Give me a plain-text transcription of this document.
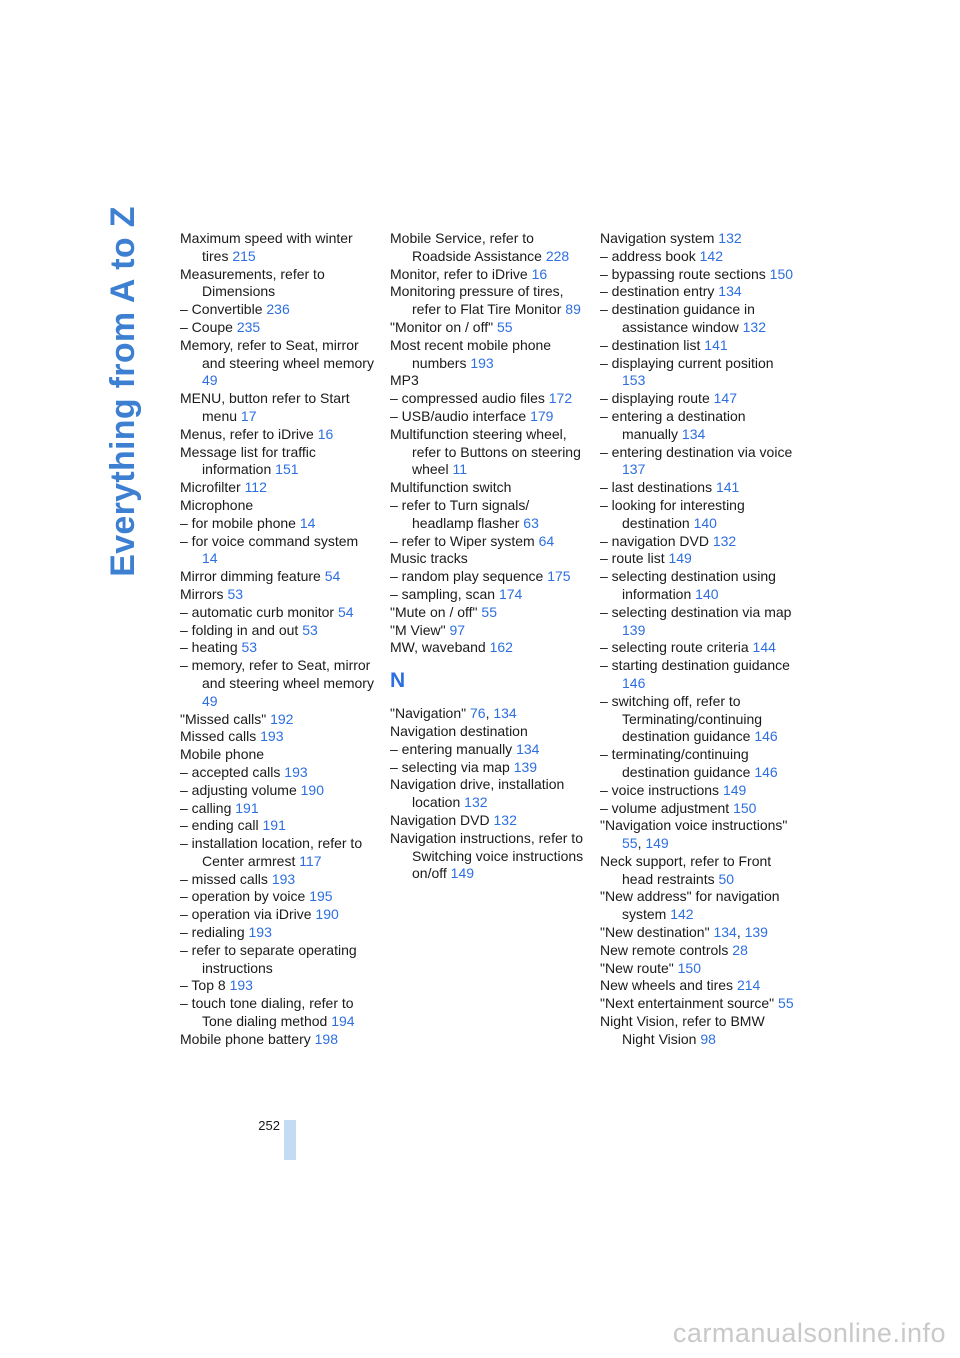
Everything from A to Z	Maximum speed with winter tires 215
Measurements, refer to Dimensions
– Convertible 236
– Coupe 235
Memory, refer to Seat, mirror and steering wheel memory 49
MENU, button refer to Start menu 17
Menus, refer to iDrive 16
Message list for traffic information 151
Microfilter 112
Microphone
– for mobile phone 14
– for voice command system 14
Mirror dimming feature 54
Mirrors 53
– automatic curb monitor 54
– folding in and out 53
– heating 53
– memory, refer to Seat, mirror and steering wheel memory 49
"Missed calls" 192
Missed calls 193
Mobile phone
– accepted calls 193
– adjusting volume 190
– calling 191
– ending call 191
– installation location, refer to Center armrest 117
– missed calls 193
– operation by voice 195
– operation via iDrive 190
– redialing 193
– refer to separate operating instructions
– Top 8 193
– touch tone dialing, refer to Tone dialing method 194
Mobile phone battery 198
Mobile Service, refer to Roadside Assistance 228
Monitor, refer to iDrive 16
Monitoring pressure of tires, refer to Flat Tire Monitor 89
"Monitor on / off" 55
Most recent mobile phone numbers 193
MP3
– compressed audio files 172
– USB/audio interface 179
Multifunction steering wheel, refer to Buttons on steering wheel 11
Multifunction switch
– refer to Turn signals/ headlamp flasher 63
– refer to Wiper system 64
Music tracks
– random play sequence 175
– sampling, scan 174
"Mute on / off" 55
"M View" 97
MW, waveband 162
N
"Navigation" 76, 134
Navigation destination
– entering manually 134
– selecting via map 139
Navigation drive, installation location 132
Navigation DVD 132
Navigation instructions, refer to Switching voice instructions on/off 149
Navigation system 132
– address book 142
– bypassing route sections 150
– destination entry 134
– destination guidance in assistance window 132
– destination list 141
– displaying current position 153
– displaying route 147
– entering a destination manually 134
– entering destination via voice 137
– last destinations 141
– looking for interesting destination 140
– navigation DVD 132
– route list 149
– selecting destination using information 140
– selecting destination via map 139
– selecting route criteria 144
– starting destination guidance 146
– switching off, refer to Terminating/continuing destination guidance 146
– terminating/continuing destination guidance 146
– voice instructions 149
– volume adjustment 150
"Navigation voice instructions" 55, 149
Neck support, refer to Front head restraints 50
"New address" for navigation system 142
"New destination" 134, 139
New remote controls 28
"New route" 150
New wheels and tires 214
"Next entertainment source" 55
Night Vision, refer to BMW Night Vision 98
252
carmanualsonline.info
